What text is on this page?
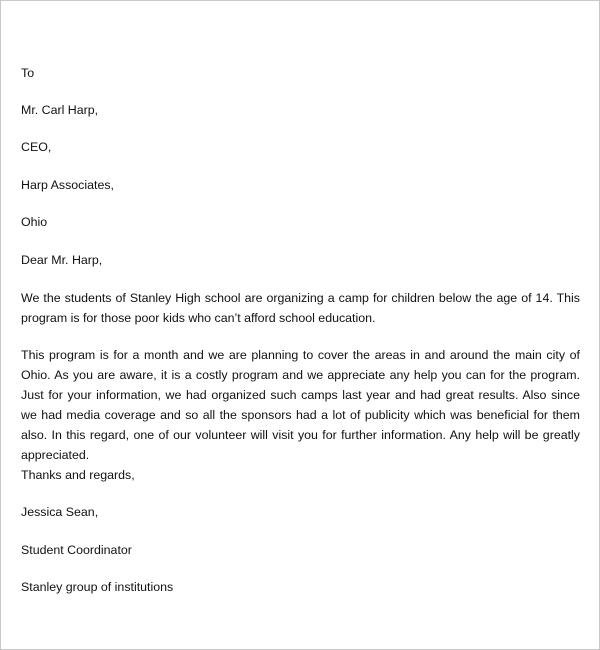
To
Mr. Carl Harp,
CEO,
Harp Associates,
Ohio
Dear Mr. Harp,
We the students of Stanley High school are organizing a camp for children below the age of 14. This program is for those poor kids who can’t afford school education.
This program is for a month and we are planning to cover the areas in and around the main city of Ohio. As you are aware, it is a costly program and we appreciate any help you can for the program. Just for your information, we had organized such camps last year and had great results. Also since we had media coverage and so all the sponsors had a lot of publicity which was beneficial for them also. In this regard, one of our volunteer will visit you for further information. Any help will be greatly appreciated.
Thanks and regards,
Jessica Sean,
Student Coordinator
Stanley group of institutions
